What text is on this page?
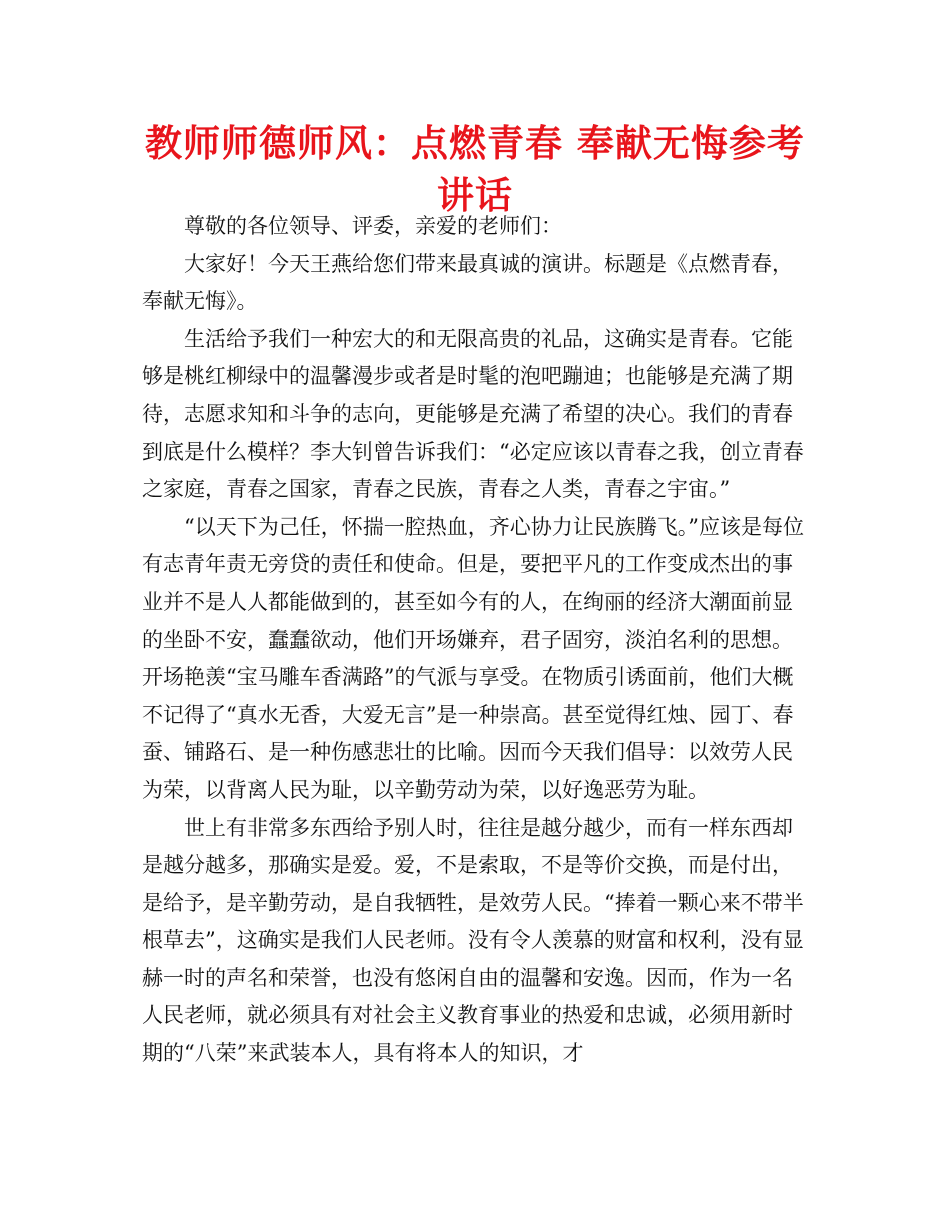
教师师德师风：点燃青春 奉献无悔参考讲话

尊敬的各位领导、评委，亲爱的老师们：

大家好！今天王燕给您们带来最真诚的演讲。标题是《点燃青春，奉献无悔》。

生活给予我们一种宏大的和无限高贵的礼品，这确实是青春。它能够是桃红柳绿中的温馨漫步或者是时髦的泡吧蹦迪；也能够是充满了期待，志愿求知和斗争的志向，更能够是充满了希望的决心。我们的青春到底是什么模样？李大钊曾告诉我们：“必定应该以青春之我，创立青春之家庭，青春之国家，青春之民族，青春之人类，青春之宇宙。”

“以天下为己任，怀揣一腔热血，齐心协力让民族腾飞。”应该是每位有志青年责无旁贷的责任和使命。但是，要把平凡的工作变成杰出的事业并不是人人都能做到的，甚至如今有的人，在绚丽的经济大潮面前显的坐卧不安，蠢蠢欲动，他们开场嫌弃，君子固穷，淡泊名利的思想。开场艳羡“宝马雕车香满路”的气派与享受。在物质引诱面前，他们大概不记得了“真水无香，大爱无言”是一种崇高。甚至觉得红烛、园丁、春蚕、铺路石、是一种伤感悲壮的比喻。因而今天我们倡导：以效劳人民为荣，以背离人民为耻，以辛勤劳动为荣，以好逸恶劳为耻。

世上有非常多东西给予别人时，往往是越分越少，而有一样东西却是越分越多，那确实是爱。爱，不是索取，不是等价交换，而是付出，是给予，是辛勤劳动，是自我牺牲，是效劳人民。“捧着一颗心来不带半根草去”，这确实是我们人民老师。没有令人羡慕的财富和权利，没有显赫一时的声名和荣誉，也没有悠闲自由的温馨和安逸。因而，作为一名人民老师，就必须具有对社会主义教育事业的热爱和忠诚，必须用新时期的“八荣”来武装本人，具有将本人的知识，才
